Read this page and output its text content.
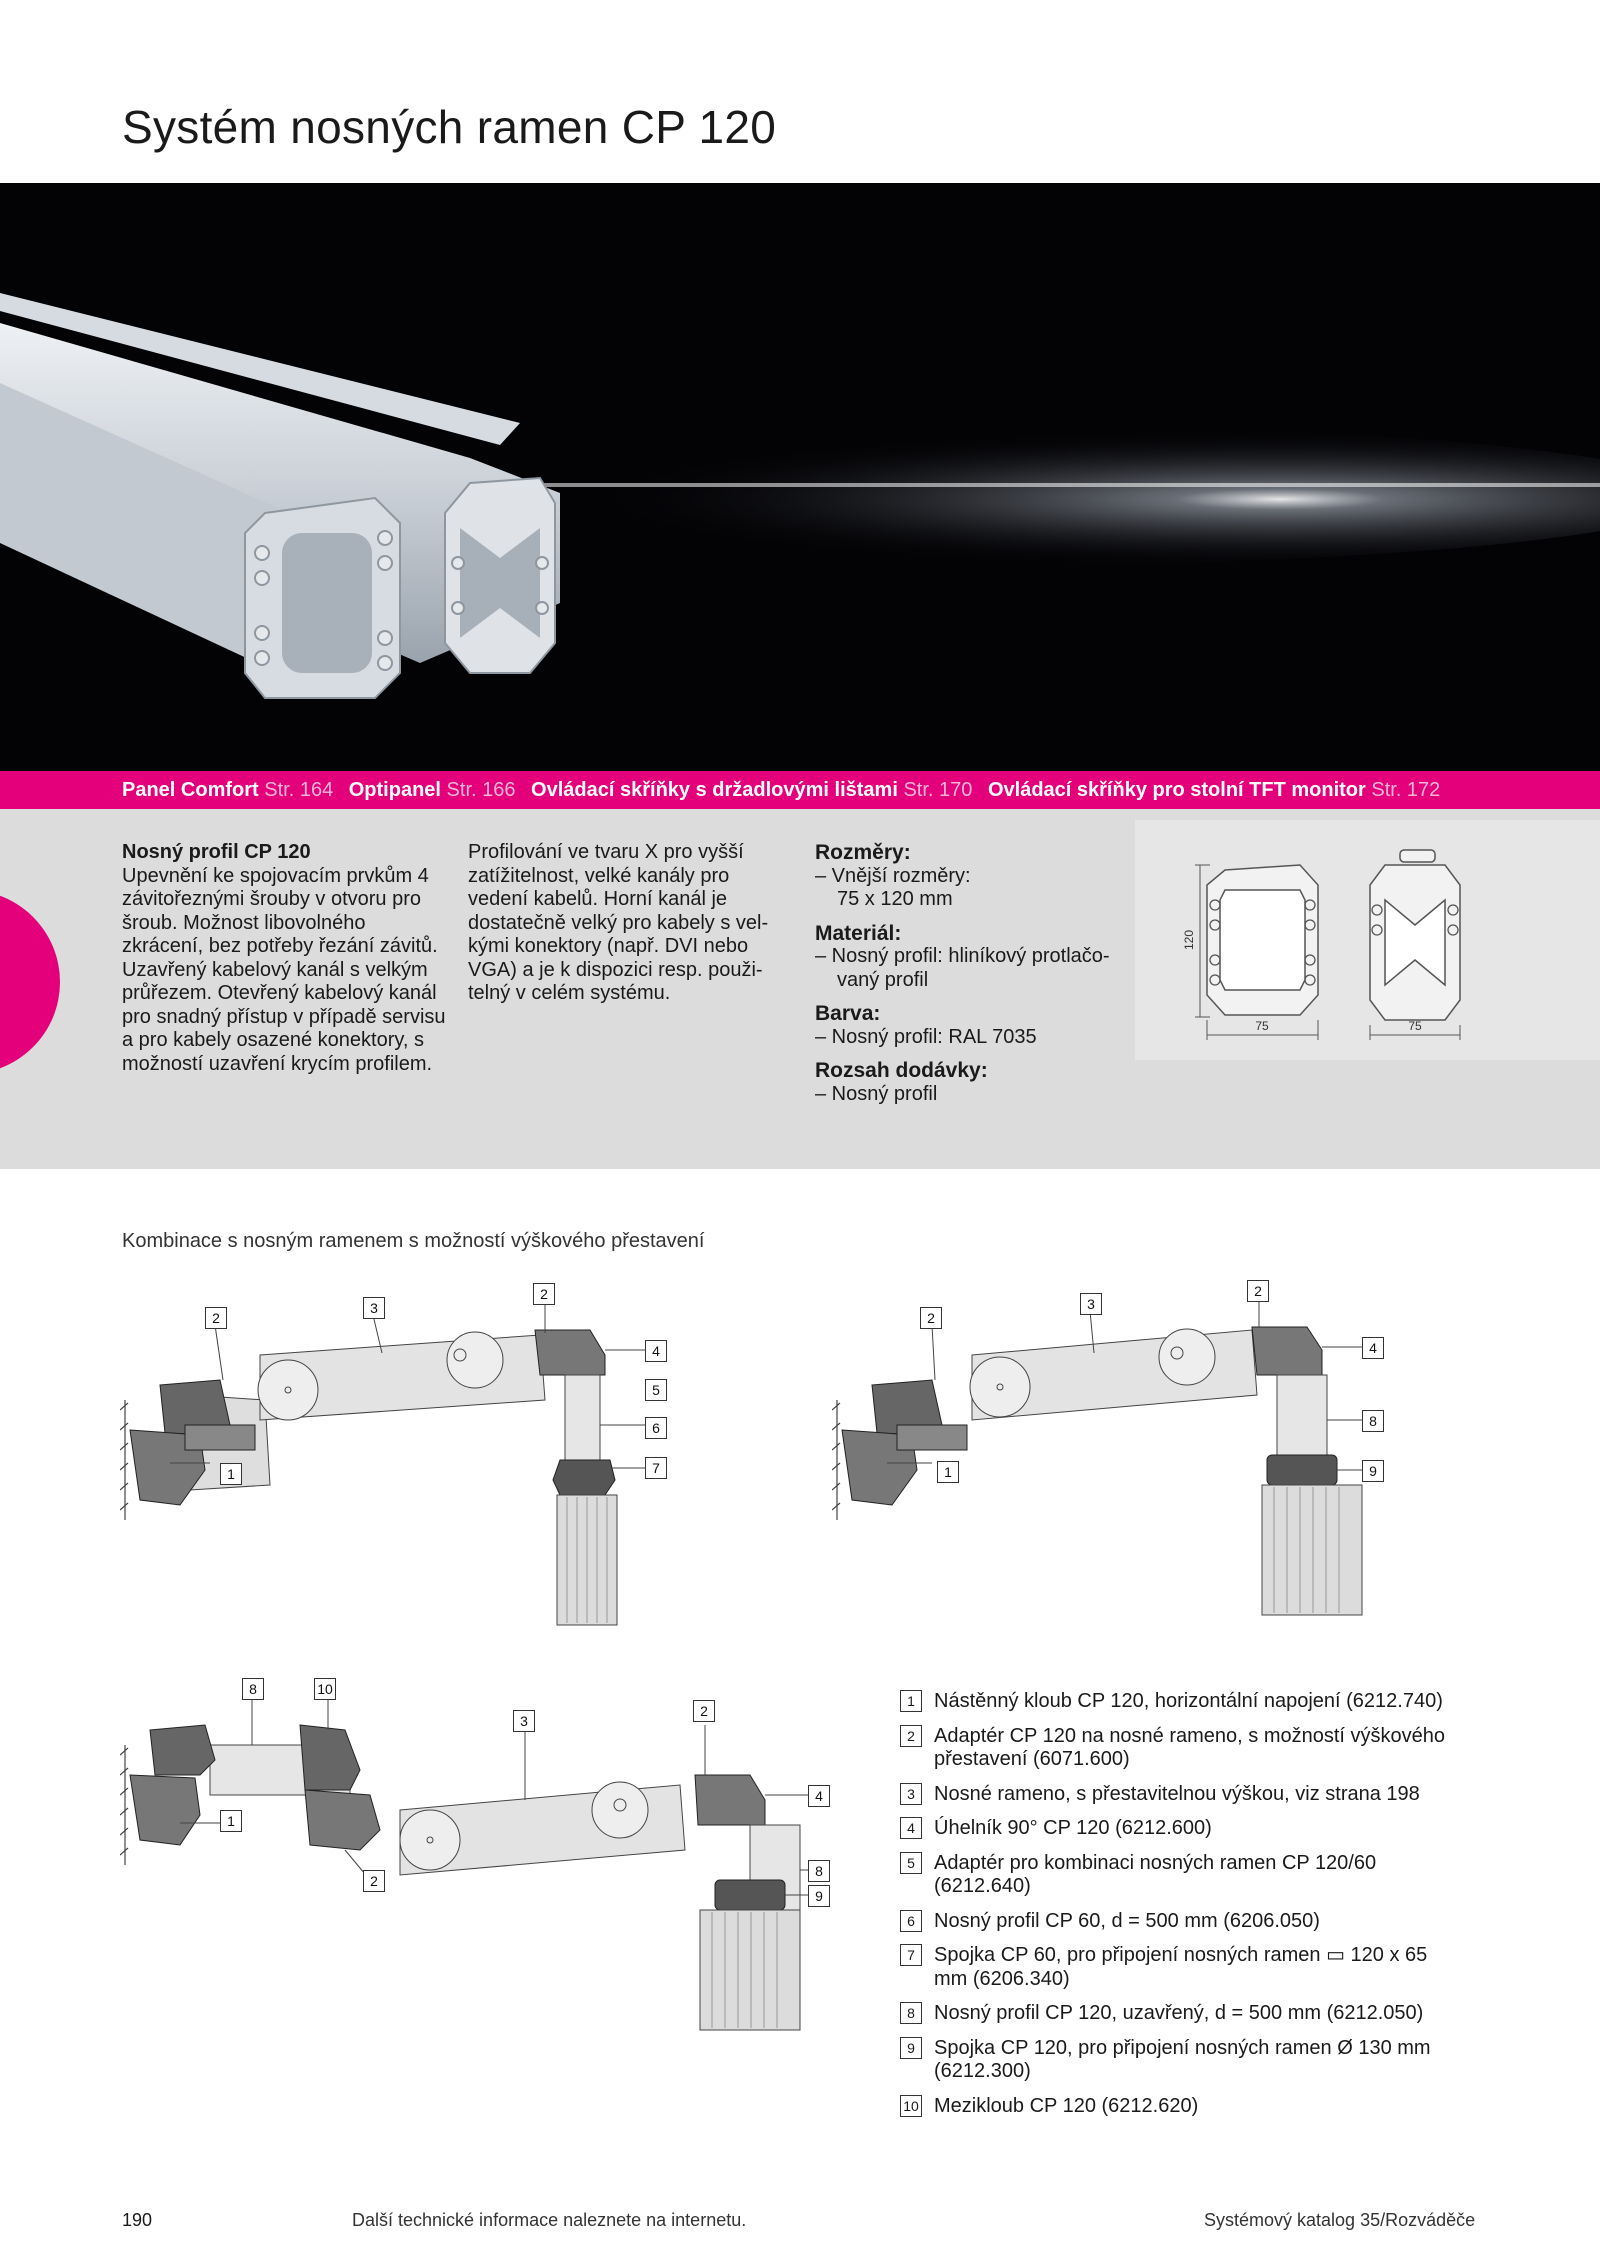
Systém nosných ramen CP 120
Panel Comfort Str. 164 Optipanel Str. 166 Ovládací skříňky s držadlovými lištami Str. 170 Ovládací skříňky pro stolní TFT monitor Str. 172
Nosný profil CP 120
Upevnění ke spojovacím prvkům 4 závitořeznými šrouby v otvoru pro šroub. Možnost libovolného zkrácení, bez potřeby řezání závitů. Uzavřený kabelový kanál s velkým průřezem. Otevřený kabelový kanál pro snadný přístup v případě servisu a pro kabely osazené konektory, s možností uzavření krycím profilem.
Profilování ve tvaru X pro vyšší zatížitelnost, velké kanály pro vedení kabelů. Horní kanál je dostatečně velký pro kabely s velkými konektory (např. DVI nebo VGA) a je k dispozici resp. použitelný v celém systému.
Rozměry:
– Vnější rozměry:
75 x 120 mm
Materiál:
– Nosný profil: hliníkový protlačovaný profil
Barva:
– Nosný profil: RAL 7035
Rozsah dodávky:
– Nosný profil
120
75	75
Kombinace s nosným ramenem s možností výškového přestavení
2
3
2
4
5
6
7
1
2
3
2
4
8
9
1
8	10
3
2
4
8
9
1
2
1 Nástěnný kloub CP 120, horizontální napojení (6212.740)
2 Adaptér CP 120 na nosné rameno, s možností výškového přestavení (6071.600)
3 Nosné rameno, s přestavitelnou výškou, viz strana 198
4 Úhelník 90° CP 120 (6212.600)
5 Adaptér pro kombinaci nosných ramen CP 120/60 (6212.640)
6 Nosný profil CP 60, d = 500 mm (6206.050)
7 Spojka CP 60, pro připojení nosných ramen ▭ 120 x 65 mm (6206.340)
8 Nosný profil CP 120, uzavřený, d = 500 mm (6212.050)
9 Spojka CP 120, pro připojení nosných ramen Ø 130 mm (6212.300)
10 Mezikloub CP 120 (6212.620)
190	Další technické informace naleznete na internetu.	Systémový katalog 35/Rozváděče
